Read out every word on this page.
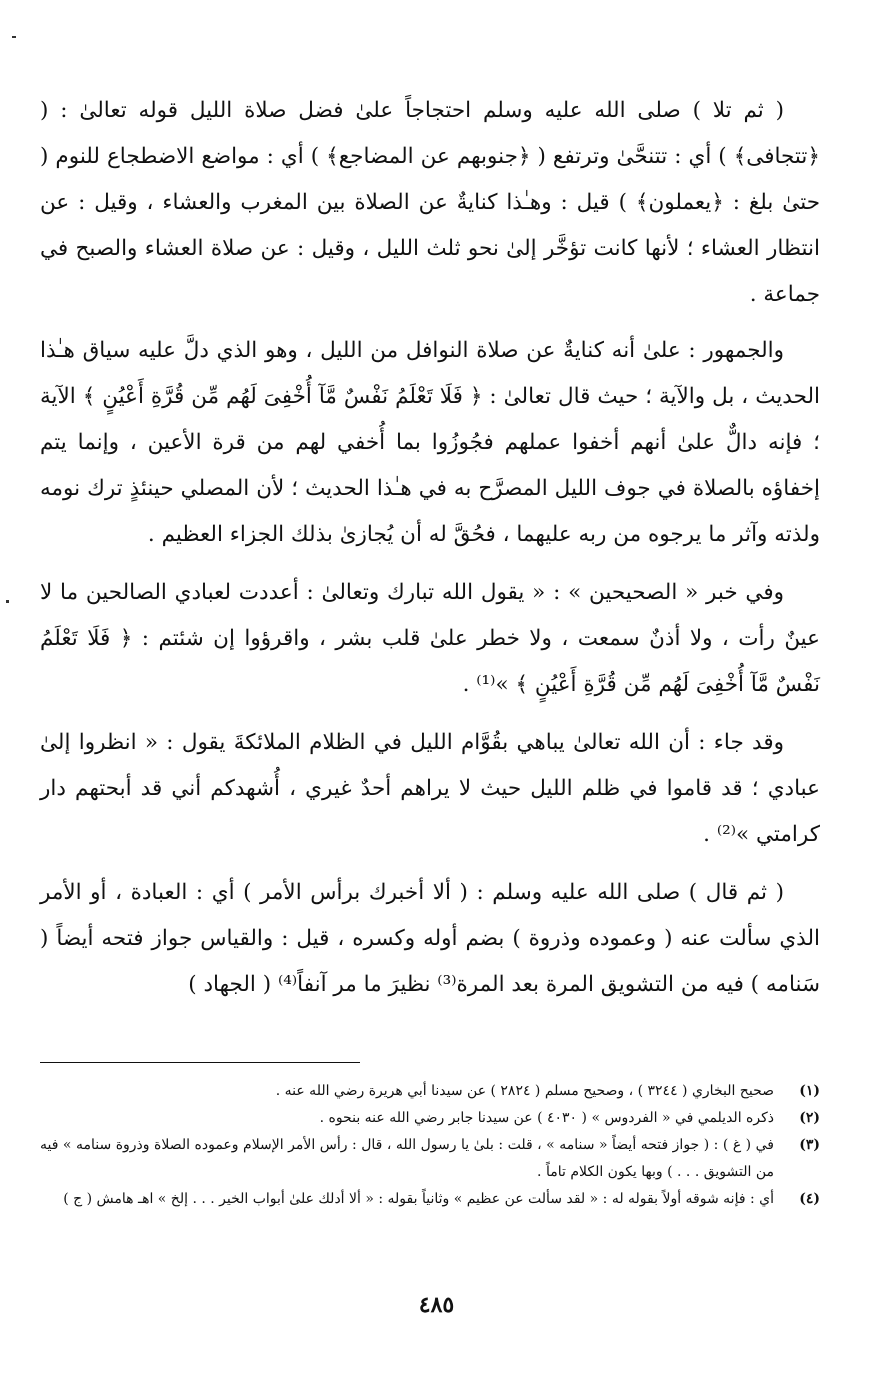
( ثم تلا ) صلى الله عليه وسلم احتجاجاً علىٰ فضل صلاة الليل قوله تعالىٰ : ( ﴿تتجافى﴾ ) أي : تتنحَّىٰ وترتفع ( ﴿جنوبهم عن المضاجع﴾ ) أي : مواضع الاضطجاع للنوم ( حتىٰ بلغ : ﴿يعملون﴾ ) قيل : وهـٰذا كنايةٌ عن الصلاة بين المغرب والعشاء ، وقيل : عن انتظار العشاء ؛ لأنها كانت تؤخَّر إلىٰ نحو ثلث الليل ، وقيل : عن صلاة العشاء والصبح في جماعة .

والجمهور : علىٰ أنه كنايةٌ عن صلاة النوافل من الليل ، وهو الذي دلَّ عليه سياق هـٰذا الحديث ، بل والآية ؛ حيث قال تعالىٰ : ﴿ فَلَا تَعْلَمُ نَفْسٌ مَّآ أُخْفِىَ لَهُم مِّن قُرَّةِ أَعْيُنٍ ﴾ الآية ؛ فإنه دالٌّ علىٰ أنهم أخفوا عملهم فجُوزُوا بما أُخفي لهم من قرة الأعين ، وإنما يتم إخفاؤه بالصلاة في جوف الليل المصرَّح به في هـٰذا الحديث ؛ لأن المصلي حينئذٍ ترك نومه ولذته وآثر ما يرجوه من ربه عليهما ، فحُقَّ له أن يُجازىٰ بذلك الجزاء العظيم .

وفي خبر « الصحيحين » : « يقول الله تبارك وتعالىٰ : أعددت لعبادي الصالحين ما لا عينٌ رأت ، ولا أذنٌ سمعت ، ولا خطر علىٰ قلب بشر ، واقرؤوا إن شئتم : ﴿ فَلَا تَعْلَمُ نَفْسٌ مَّآ أُخْفِىَ لَهُم مِّن قُرَّةِ أَعْيُنٍ ﴾ »⁽¹⁾ .

وقد جاء : أن الله تعالىٰ يباهي بقُوَّام الليل في الظلام الملائكةَ يقول : « انظروا إلىٰ عبادي ؛ قد قاموا في ظلم الليل حيث لا يراهم أحدٌ غيري ، أُشهدكم أني قد أبحتهم دار كرامتي »⁽²⁾ .

( ثم قال ) صلى الله عليه وسلم : ( ألا أخبرك برأس الأمر ) أي : العبادة ، أو الأمر الذي سألت عنه ( وعموده وذروة ) بضم أوله وكسره ، قيل : والقياس جواز فتحه أيضاً ( سَنامه ) فيه من التشويق المرة بعد المرة⁽³⁾ نظيرَ ما مر آنفاً⁽⁴⁾ ( الجهاد )

(١)
صحيح البخاري ( ٣٢٤٤ ) ، وصحيح مسلم ( ٢٨٢٤ ) عن سيدنا أبي هريرة رضي الله عنه .
(٢)
ذكره الديلمي في « الفردوس » ( ٤٠٣٠ ) عن سيدنا جابر رضي الله عنه بنحوه .
(٣)
في ( غ ) : ( جواز فتحه أيضاً « سنامه » ، قلت : بلىٰ يا رسول الله ، قال : رأس الأمر الإسلام وعموده الصلاة وذروة سنامه » فيه من التشويق . . . ) وبها يكون الكلام تاماً .
(٤)
أي : فإنه شوقه أولاً بقوله له : « لقد سألت عن عظيم » وثانياً بقوله : « ألا أدلك علىٰ أبواب الخير . . . إلخ » اهـ هامش ( ج )
٤٨٥
